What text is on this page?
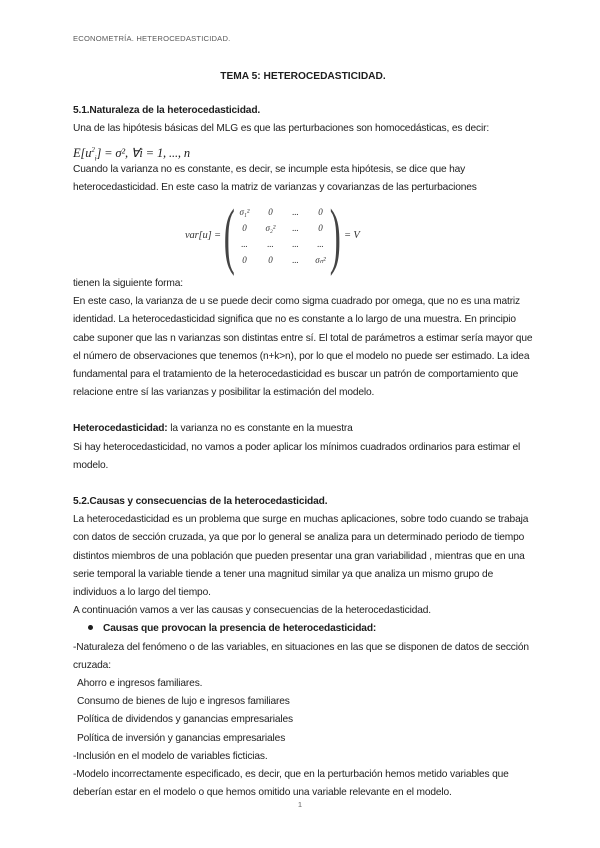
ECONOMETRÍA. HETEROCEDASTICIDAD.

TEMA 5: HETEROCEDASTICIDAD.

5.1.Naturaleza de la heterocedasticidad.

Una de las hipótesis básicas del MLG es que las perturbaciones son homocedásticas, es decir:

$E[u^2_i] = \sigma^2$, ∀i = 1, ..., n

Cuando la varianza no es constante, es decir, se incumple esta hipótesis, se dice que hay heterocedasticidad. En este caso la matriz de varianzas y covarianzas de las perturbaciones

var[u] = ( σ₁²	0	...	0
0	σ₂²	...	0
...	...	...	...
0	0	...	σₙ² ) = V

tienen la siguiente forma:

En este caso, la varianza de u se puede decir como sigma cuadrado por omega, que no es una matriz identidad. La heterocedasticidad significa que no es constante a lo largo de una muestra. En principio cabe suponer que las n varianzas son distintas entre sí. El total de parámetros a estimar sería mayor que el número de observaciones que tenemos (n+k>n), por lo que el modelo no puede ser estimado. La idea fundamental para el tratamiento de la heterocedasticidad es buscar un patrón de comportamiento que relacione entre sí las varianzas y posibilitar la estimación del modelo.

Heterocedasticidad: la varianza no es constante en la muestra

Si hay heterocedasticidad, no vamos a poder aplicar los mínimos cuadrados ordinarios para estimar el modelo.

5.2.Causas y consecuencias de la heterocedasticidad.

La heterocedasticidad es un problema que surge en muchas aplicaciones, sobre todo cuando se trabaja con datos de sección cruzada, ya que por lo general se analiza para un determinado periodo de tiempo distintos miembros de una población que pueden presentar una gran variabilidad , mientras que en una serie temporal la variable tiende a tener una magnitud similar ya que analiza un mismo grupo de individuos a lo largo del tiempo.

A continuación vamos a ver las causas y consecuencias de la heterocedasticidad.

Causas que provocan la presencia de heterocedasticidad:

-Naturaleza del fenómeno o de las variables, en situaciones en las que se disponen de datos de sección cruzada:

Ahorro e ingresos familiares.

Consumo de bienes de lujo e ingresos familiares

Política de dividendos y ganancias empresariales

Política de inversión y ganancias empresariales

-Inclusión en el modelo de variables ficticias.

-Modelo incorrectamente especificado, es decir, que en la perturbación hemos metido variables que deberían estar en el modelo o que hemos omitido una variable relevante en el modelo.

1
